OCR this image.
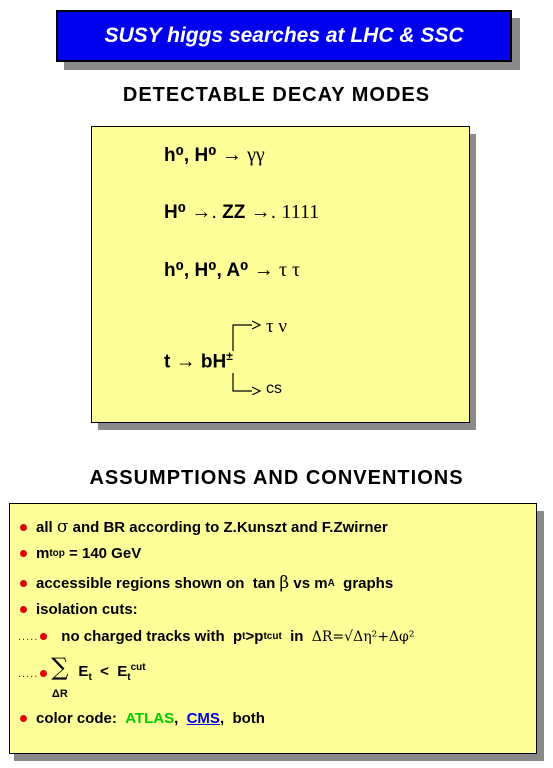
SUSY higgs searches at LHC & SSC
DETECTABLE DECAY MODES
h⁰, H⁰ → γγ
H⁰ →. ZZ →. 1111
h⁰, H⁰, A⁰ → τ τ
t → bH±
τ ν
cs
ASSUMPTIONS AND CONVENTIONS
all
σ
and BR according to Z.Kunszt and F.Zwirner
m top = 140 GeV
accessible regions shown on  tan
β vs m A graphs
isolation cuts:
..... no charged tracks with  p t >p t cut in ΔR=√Δη²+Δφ²
..... ∑
ΔR
$E_t < E_t^{cut}$
color code: ATLAS , CMS ,  both
